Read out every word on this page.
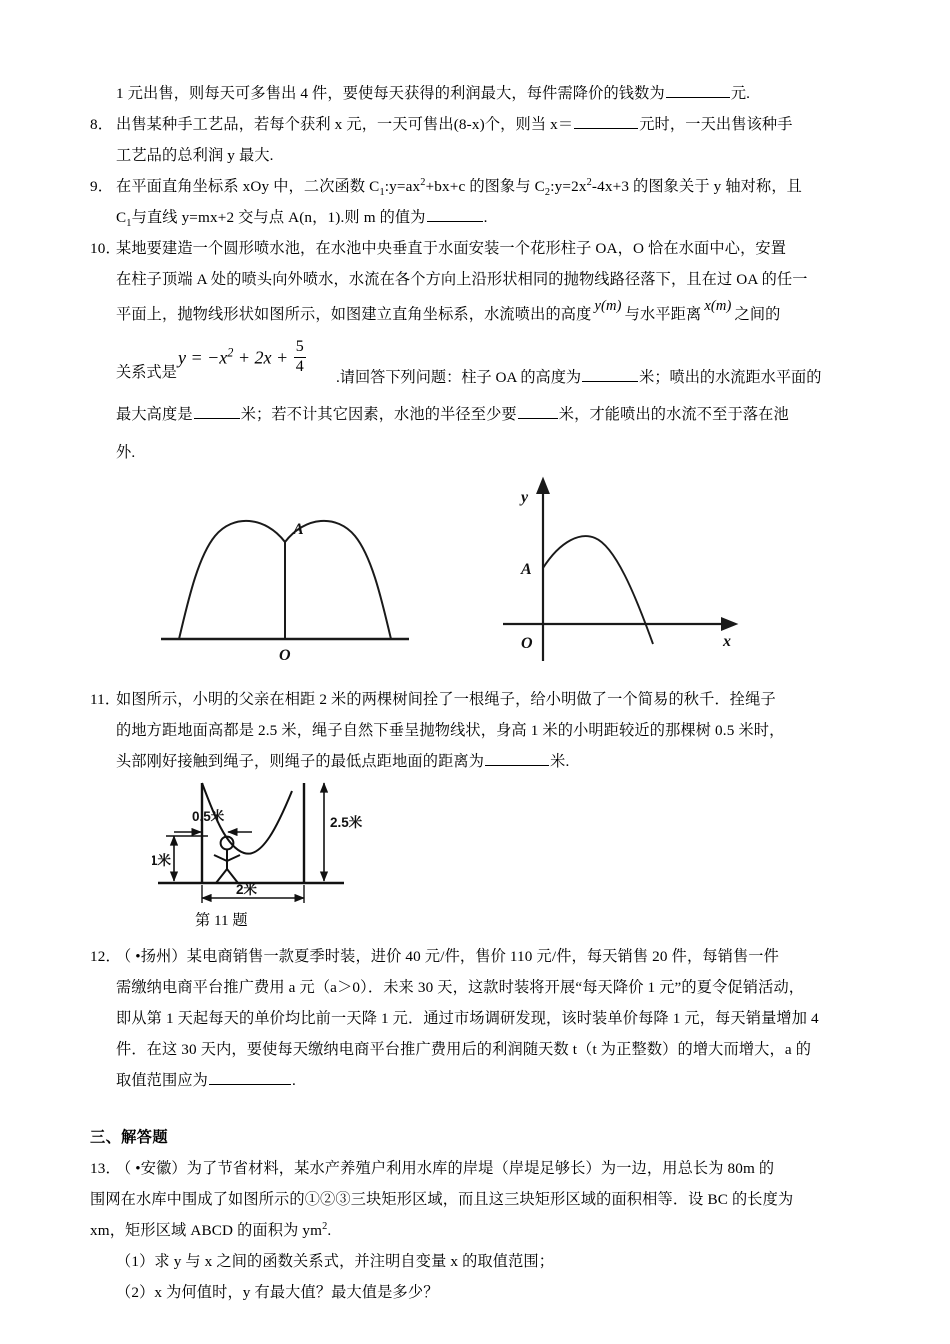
1 元出售，则每天可多售出 4 件，要使每天获得的利润最大，每件需降价的钱数为	元.
8． 出售某种手工艺品，若每个获利 x 元，一天可售出(8-x)个，则当 x＝	元时，一天出售该种手
工艺品的总利润 y 最大.
9． 在平面直角坐标系 xOy 中，二次函数 $C_1:y=ax^2+bx+c$ 的图象与 $C_2:y=2x^2-4x+3$ 的图象关于 y 轴对称，且
$C_1$与直线 y=mx+2 交与点 A(n，1).则 m 的值为	.
10．某地要建造一个圆形喷水池，在水池中央垂直于水面安装一个花形柱子 OA，O 恰在水面中心，安置
在柱子顶端 A 处的喷头向外喷水，水流在各个方向上沿形状相同的抛物线路径落下，且在过 OA 的任一
平面上，抛物线形状如图所示，如图建立直角坐标系，水流喷出的高度 y(m) 与水平距离 x(m) 之间的
关系式是
$y = -x^2 + 2x + \frac{5}{4}$
.请回答下列问题：柱子 OA 的高度为	米；喷出的水流距水平面的
最大高度是	米；若不计其它因素，水池的半径至少要	米，才能喷出的水流不至于落在池
外.
A
O
A
O
y
x
11．如图所示，小明的父亲在相距 2 米的两棵树间拴了一根绳子，给小明做了一个简易的秋千．拴绳子
的地方距地面高都是 2.5 米，绳子自然下垂呈抛物线状，身高 1 米的小明距较近的那棵树 0.5 米时，
头部刚好接触到绳子，则绳子的最低点距地面的距离为	米.
0.5米
1米
2.5米
2米
第 11 题
12．（ •扬州）某电商销售一款夏季时装，进价 40 元/件，售价 110 元/件，每天销售 20 件，每销售一件
需缴纳电商平台推广费用 a 元（a＞0）．未来 30 天，这款时装将开展“每天降价 1 元”的夏令促销活动，
即从第 1 天起每天的单价均比前一天降 1 元．通过市场调研发现，该时装单价每降 1 元，每天销量增加 4
件．在这 30 天内，要使每天缴纳电商平台推广费用后的利润随天数 t（t 为正整数）的增大而增大，a 的
取值范围应为	.
三、解答题
13．（ •安徽）为了节省材料，某水产养殖户利用水库的岸堤（岸堤足够长）为一边，用总长为 80m 的
围网在水库中围成了如图所示的①②③三块矩形区域，而且这三块矩形区域的面积相等．设 BC 的长度为
xm，矩形区域 ABCD 的面积为 $ym^2$.
（1）求 y 与 x 之间的函数关系式，并注明自变量 x 的取值范围；
（2）x 为何值时，y 有最大值？最大值是多少？
